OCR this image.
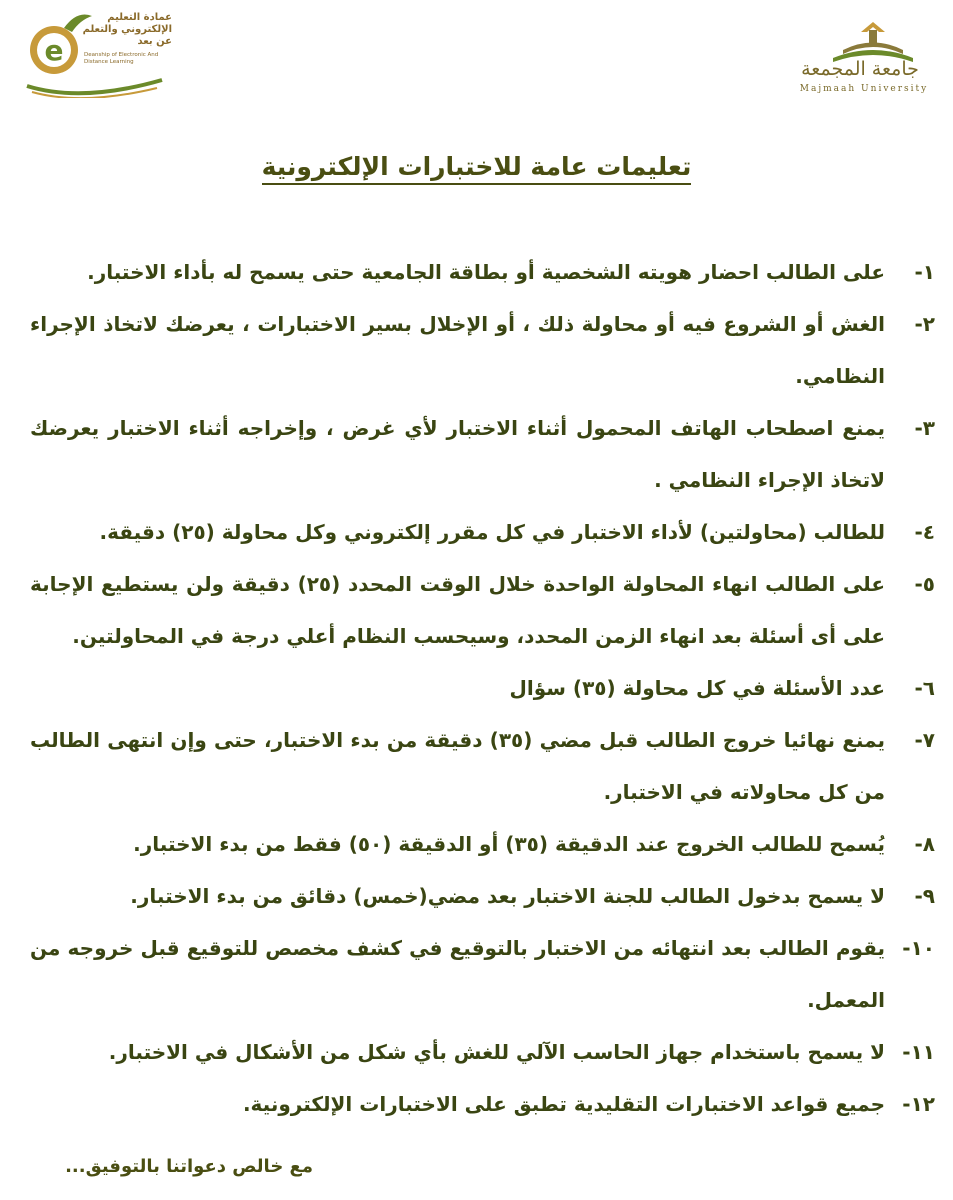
e
عمادة التعليم الإلكتروني والتعلم عن بعد
Deanship of Electronic And Distance Learning	جامعة المجمعة
Majmaah University
تعليمات عامة للاختبارات الإلكترونية
١-
على الطالب احضار هويته الشخصية أو بطاقة الجامعية حتى يسمح له بأداء الاختبار.
٢-
الغش أو الشروع فيه أو محاولة ذلك ، أو الإخلال بسير الاختبارات ، يعرضك لاتخاذ الإجراء النظامي.
٣-
يمنع اصطحاب الهاتف المحمول أثناء الاختبار لأي غرض ، وإخراجه أثناء الاختبار يعرضك لاتخاذ الإجراء النظامي .
٤-
للطالب (محاولتين) لأداء الاختبار في كل مقرر إلكتروني وكل محاولة (٢٥) دقيقة.
٥-
على الطالب انهاء المحاولة الواحدة خلال الوقت المحدد (٢٥) دقيقة ولن يستطيع الإجابة على أى أسئلة بعد انهاء الزمن المحدد، وسيحسب النظام أعلي درجة في المحاولتين.
٦-
عدد الأسئلة في كل محاولة (٣٥) سؤال
٧-
يمنع نهائيا خروج الطالب قبل مضي (٣٥) دقيقة من بدء الاختبار، حتى وإن انتهى الطالب من كل محاولاته في الاختبار.
٨-
يُسمح للطالب الخروج عند الدقيقة (٣٥) أو الدقيقة (٥٠) فقط من بدء الاختبار.
٩-
لا يسمح بدخول الطالب للجنة الاختبار بعد مضي(خمس) دقائق من بدء الاختبار.
١٠-
يقوم الطالب بعد انتهائه من الاختبار بالتوقيع في كشف مخصص للتوقيع قبل خروجه من المعمل.
١١-
لا يسمح باستخدام جهاز الحاسب الآلي للغش بأي شكل من الأشكال في الاختبار.
١٢-
جميع قواعد الاختبارات التقليدية تطبق على الاختبارات الإلكترونية.
مع خالص دعواتنا بالتوفيق...
